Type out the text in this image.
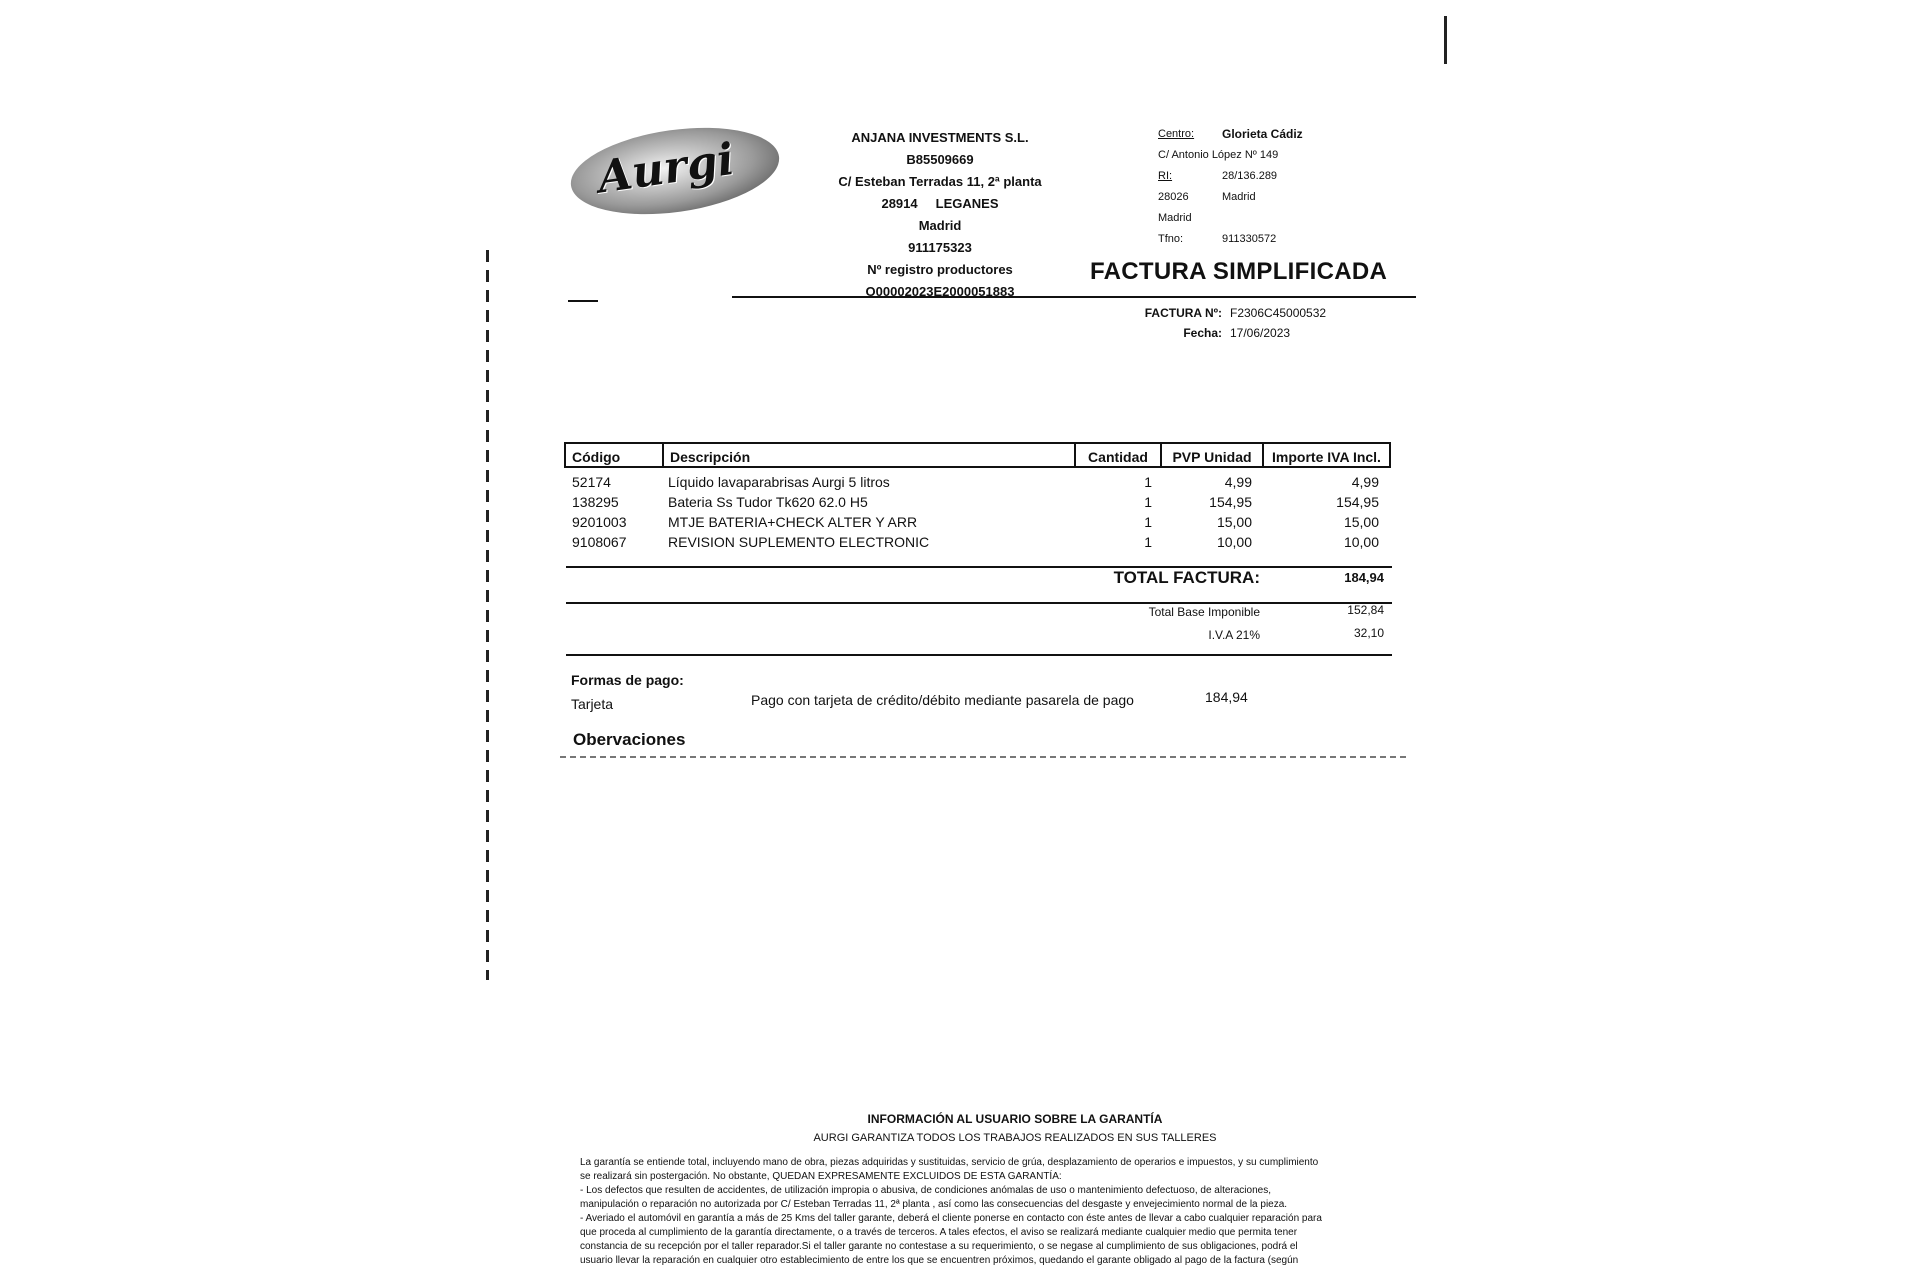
Aurgi	ANJANA INVESTMENTS S.L.
B85509669
C/ Esteban Terradas 11, 2ª planta
28914     LEGANES
Madrid
911175323
Nº registro productores
O00002023E2000051883
Centro:	Glorieta Cádiz
C/ Antonio López Nº 149
RI:	28/136.289
28026	Madrid
Madrid
Tfno:	911330572
FACTURA SIMPLIFICADA
FACTURA Nº: F2306C45000532
Fecha: 17/06/2023
Código	Descripción	Cantidad	PVP Unidad	Importe IVA Incl.
52174	Líquido lavaparabrisas Aurgi 5 litros	1	4,99	4,99
138295	Bateria Ss Tudor Tk620 62.0 H5	1	154,95	154,95
9201003	MTJE BATERIA+CHECK ALTER Y ARR	1	15,00	15,00
9108067	REVISION SUPLEMENTO ELECTRONIC	1	10,00	10,00
TOTAL FACTURA:	184,94
Total Base Imponible	152,84
I.V.A 21%	32,10
Formas de pago:
Tarjeta	Pago con tarjeta de crédito/débito mediante pasarela de pago	184,94
Obervaciones
INFORMACIÓN AL USUARIO SOBRE LA GARANTÍA
AURGI GARANTIZA TODOS LOS TRABAJOS REALIZADOS EN SUS TALLERES

La garantía se entiende total, incluyendo mano de obra, piezas adquiridas y sustituidas, servicio de grúa, desplazamiento de operarios e impuestos, y su cumplimiento

se realizará sin postergación. No obstante, QUEDAN EXPRESAMENTE EXCLUIDOS DE ESTA GARANTÍA:

- Los defectos que resulten de accidentes, de utilización impropia o abusiva, de condiciones anómalas de uso o mantenimiento defectuoso, de alteraciones,

manipulación o reparación no autorizada por C/ Esteban Terradas 11, 2ª planta , así como las consecuencias del desgaste y envejecimiento normal de la pieza.

- Averiado el automóvil en garantía a más de 25 Kms del taller garante, deberá el cliente ponerse en contacto con éste antes de llevar a cabo cualquier reparación para

que proceda al cumplimiento de la garantía directamente, o a través de terceros. A tales efectos, el aviso se realizará mediante cualquier medio que permita tener

constancia de su recepción por el taller reparador.Si el taller garante no contestase a su requerimiento, o se negase al cumplimiento de sus obligaciones, podrá el

usuario llevar la reparación en cualquier otro establecimiento de entre los que se encuentren próximos, quedando el garante obligado al pago de la factura (según
